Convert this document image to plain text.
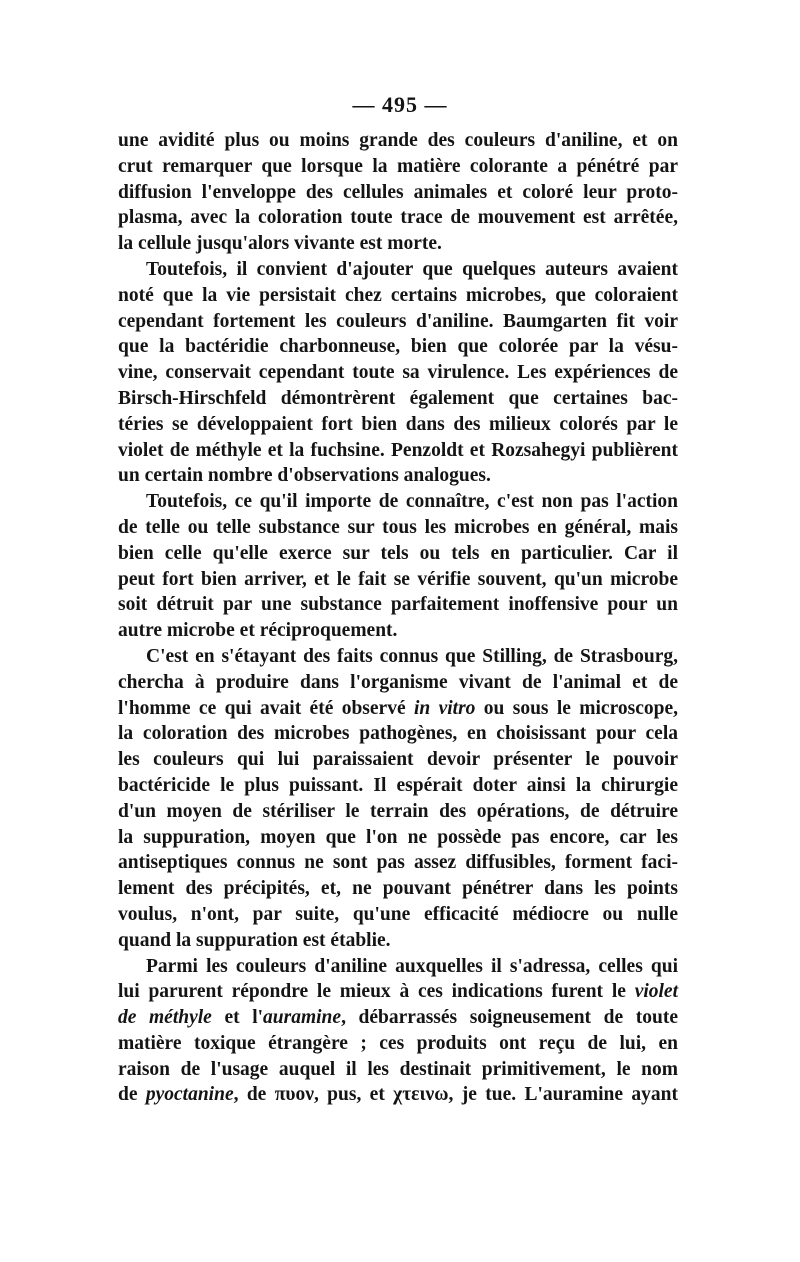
— 495 —
une avidité plus ou moins grande des couleurs d'aniline, et on
crut remarquer que lorsque la matière colorante a pénétré par
diffusion l'enveloppe des cellules animales et coloré leur proto-
plasma, avec la coloration toute trace de mouvement est arrêtée,
la cellule jusqu'alors vivante est morte.
Toutefois, il convient d'ajouter que quelques auteurs avaient
noté que la vie persistait chez certains microbes, que coloraient
cependant fortement les couleurs d'aniline. Baumgarten fit voir
que la bactéridie charbonneuse, bien que colorée par la vésu-
vine, conservait cependant toute sa virulence. Les expériences de
Birsch-Hirschfeld démontrèrent également que certaines bac-
téries se développaient fort bien dans des milieux colorés par le
violet de méthyle et la fuchsine. Penzoldt et Rozsahegyi publièrent
un certain nombre d'observations analogues.
Toutefois, ce qu'il importe de connaître, c'est non pas l'action
de telle ou telle substance sur tous les microbes en général, mais
bien celle qu'elle exerce sur tels ou tels en particulier. Car il
peut fort bien arriver, et le fait se vérifie souvent, qu'un microbe
soit détruit par une substance parfaitement inoffensive pour un
autre microbe et réciproquement.
C'est en s'étayant des faits connus que Stilling, de Strasbourg,
chercha à produire dans l'organisme vivant de l'animal et de
l'homme ce qui avait été observé in vitro ou sous le microscope,
la coloration des microbes pathogènes, en choisissant pour cela
les couleurs qui lui paraissaient devoir présenter le pouvoir
bactéricide le plus puissant. Il espérait doter ainsi la chirurgie
d'un moyen de stériliser le terrain des opérations, de détruire
la suppuration, moyen que l'on ne possède pas encore, car les
antiseptiques connus ne sont pas assez diffusibles, forment faci-
lement des précipités, et, ne pouvant pénétrer dans les points
voulus, n'ont, par suite, qu'une efficacité médiocre ou nulle
quand la suppuration est établie.
Parmi les couleurs d'aniline auxquelles il s'adressa, celles qui
lui parurent répondre le mieux à ces indications furent le violet
de méthyle et l'auramine, débarrassés soigneusement de toute
matière toxique étrangère ; ces produits ont reçu de lui, en
raison de l'usage auquel il les destinait primitivement, le nom
de pyoctanine, de πυον, pus, et χτεινω, je tue. L'auramine ayant
